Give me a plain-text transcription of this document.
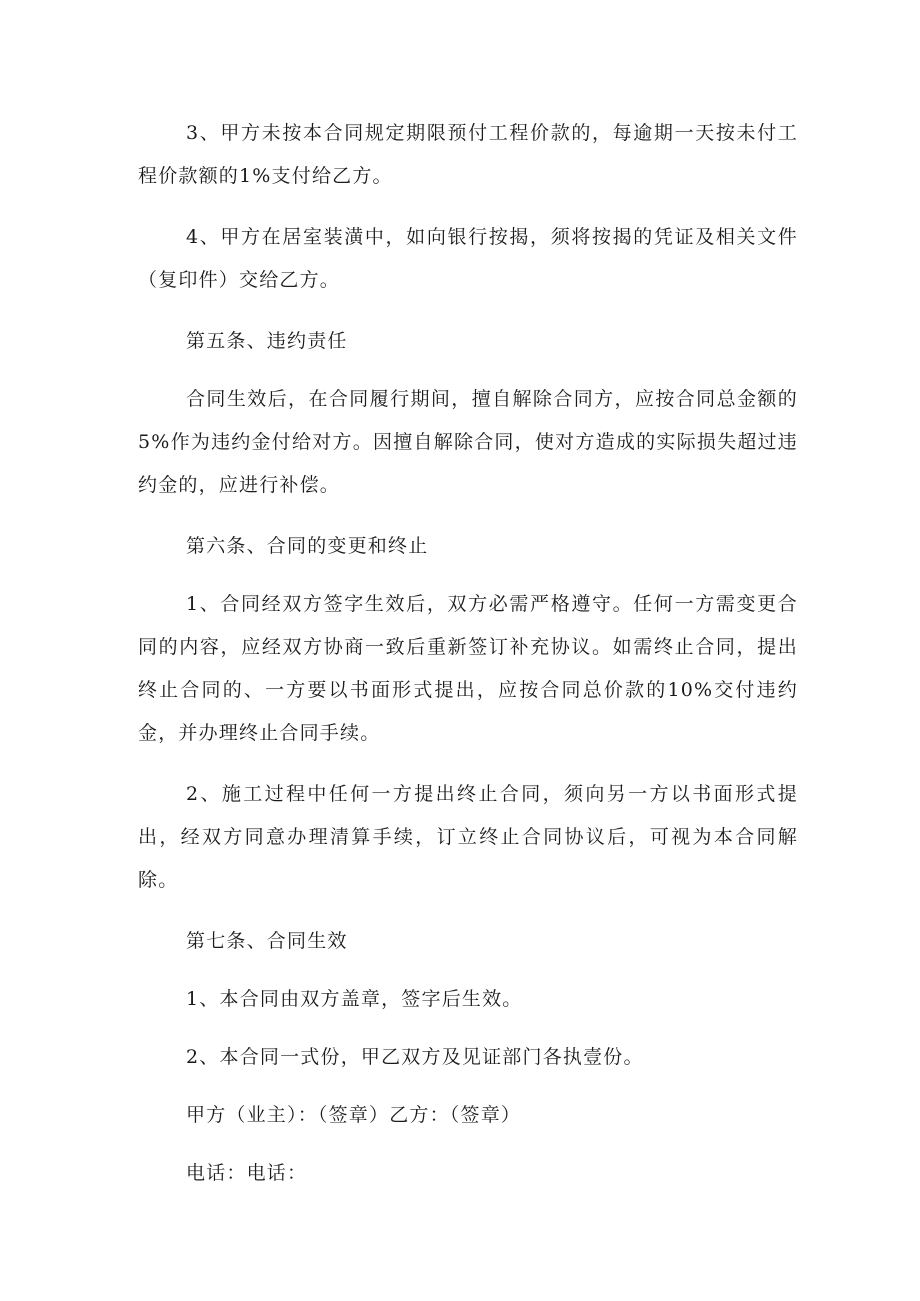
3、甲方未按本合同规定期限预付工程价款的，每逾期一天按未付工程价款额的1%支付给乙方。

4、甲方在居室装潢中，如向银行按揭，须将按揭的凭证及相关文件（复印件）交给乙方。

第五条、违约责任

合同生效后，在合同履行期间，擅自解除合同方，应按合同总金额的5%作为违约金付给对方。因擅自解除合同，使对方造成的实际损失超过违约金的，应进行补偿。

第六条、合同的变更和终止

1、合同经双方签字生效后，双方必需严格遵守。任何一方需变更合同的内容，应经双方协商一致后重新签订补充协议。如需终止合同，提出终止合同的、一方要以书面形式提出，应按合同总价款的10%交付违约金，并办理终止合同手续。

2、施工过程中任何一方提出终止合同，须向另一方以书面形式提出，经双方同意办理清算手续，订立终止合同协议后，可视为本合同解除。

第七条、合同生效

1、本合同由双方盖章，签字后生效。

2、本合同一式份，甲乙双方及见证部门各执壹份。

甲方（业主）：（签章）乙方：（签章）

电话：电话：
